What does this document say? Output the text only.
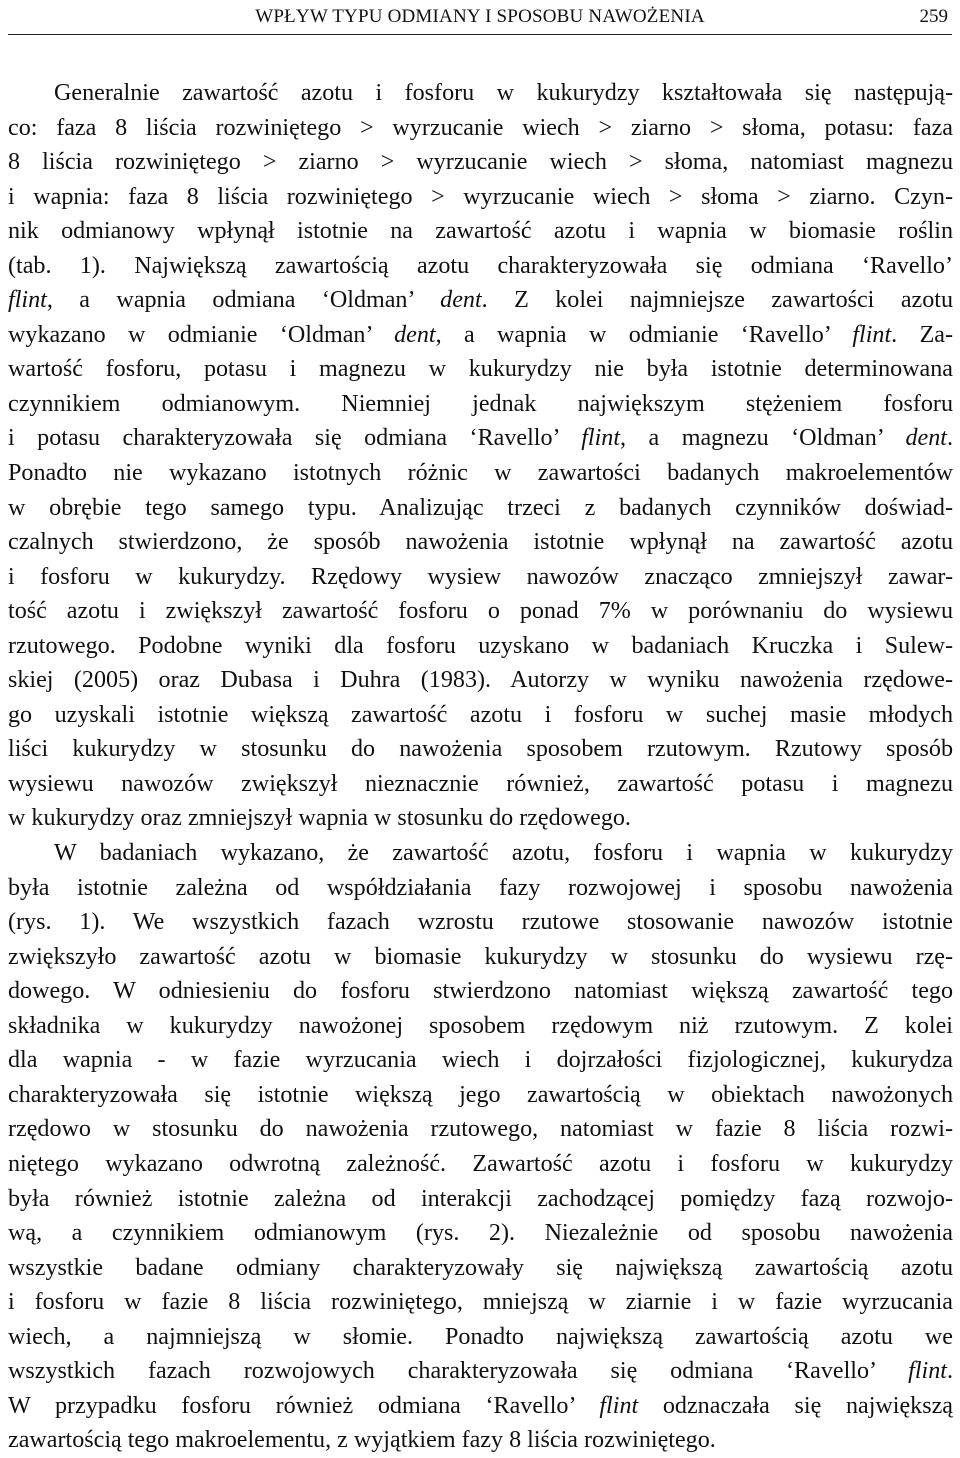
WPŁYW TYPU ODMIANY I SPOSOBU NAWOŻENIA	259
Generalnie zawartość azotu i fosforu w kukurydzy kształtowała się następują-
co: faza 8 liścia rozwiniętego > wyrzucanie wiech > ziarno > słoma, potasu: faza
8 liścia rozwiniętego > ziarno > wyrzucanie wiech > słoma, natomiast magnezu
i wapnia: faza 8 liścia rozwiniętego > wyrzucanie wiech > słoma > ziarno. Czyn-
nik odmianowy wpłynął istotnie na zawartość azotu i wapnia w biomasie roślin
(tab. 1). Największą zawartością azotu charakteryzowała się odmiana ‘Ravello’
flint, a wapnia odmiana ‘Oldman’ dent. Z kolei najmniejsze zawartości azotu
wykazano w odmianie ‘Oldman’ dent, a wapnia w odmianie ‘Ravello’ flint. Za-
wartość fosforu, potasu i magnezu w kukurydzy nie była istotnie determinowana
czynnikiem odmianowym. Niemniej jednak największym stężeniem fosforu
i potasu charakteryzowała się odmiana ‘Ravello’ flint, a magnezu ‘Oldman’ dent.
Ponadto nie wykazano istotnych różnic w zawartości badanych makroelementów
w obrębie tego samego typu. Analizując trzeci z badanych czynników doświad-
czalnych stwierdzono, że sposób nawożenia istotnie wpłynął na zawartość azotu
i fosforu w kukurydzy. Rzędowy wysiew nawozów znacząco zmniejszył zawar-
tość azotu i zwiększył zawartość fosforu o ponad 7% w porównaniu do wysiewu
rzutowego. Podobne wyniki dla fosforu uzyskano w badaniach Kruczka i Sulew-
skiej (2005) oraz Dubasa i Duhra (1983). Autorzy w wyniku nawożenia rzędowe-
go uzyskali istotnie większą zawartość azotu i fosforu w suchej masie młodych
liści kukurydzy w stosunku do nawożenia sposobem rzutowym. Rzutowy sposób
wysiewu nawozów zwiększył nieznacznie również, zawartość potasu i magnezu
w kukurydzy oraz zmniejszył wapnia w stosunku do rzędowego.
W badaniach wykazano, że zawartość azotu, fosforu i wapnia w kukurydzy
była istotnie zależna od współdziałania fazy rozwojowej i sposobu nawożenia
(rys. 1). We wszystkich fazach wzrostu rzutowe stosowanie nawozów istotnie
zwiększyło zawartość azotu w biomasie kukurydzy w stosunku do wysiewu rzę-
dowego. W odniesieniu do fosforu stwierdzono natomiast większą zawartość tego
składnika w kukurydzy nawożonej sposobem rzędowym niż rzutowym. Z kolei
dla wapnia - w fazie wyrzucania wiech i dojrzałości fizjologicznej, kukurydza
charakteryzowała się istotnie większą jego zawartością w obiektach nawożonych
rzędowo w stosunku do nawożenia rzutowego, natomiast w fazie 8 liścia rozwi-
niętego wykazano odwrotną zależność. Zawartość azotu i fosforu w kukurydzy
była również istotnie zależna od interakcji zachodzącej pomiędzy fazą rozwojo-
wą, a czynnikiem odmianowym (rys. 2). Niezależnie od sposobu nawożenia
wszystkie badane odmiany charakteryzowały się największą zawartością azotu
i fosforu w fazie 8 liścia rozwiniętego, mniejszą w ziarnie i w fazie wyrzucania
wiech, a najmniejszą w słomie. Ponadto największą zawartością azotu we
wszystkich fazach rozwojowych charakteryzowała się odmiana ‘Ravello’ flint.
W przypadku fosforu również odmiana ‘Ravello’ flint odznaczała się największą
zawartością tego makroelementu, z wyjątkiem fazy 8 liścia rozwiniętego.
